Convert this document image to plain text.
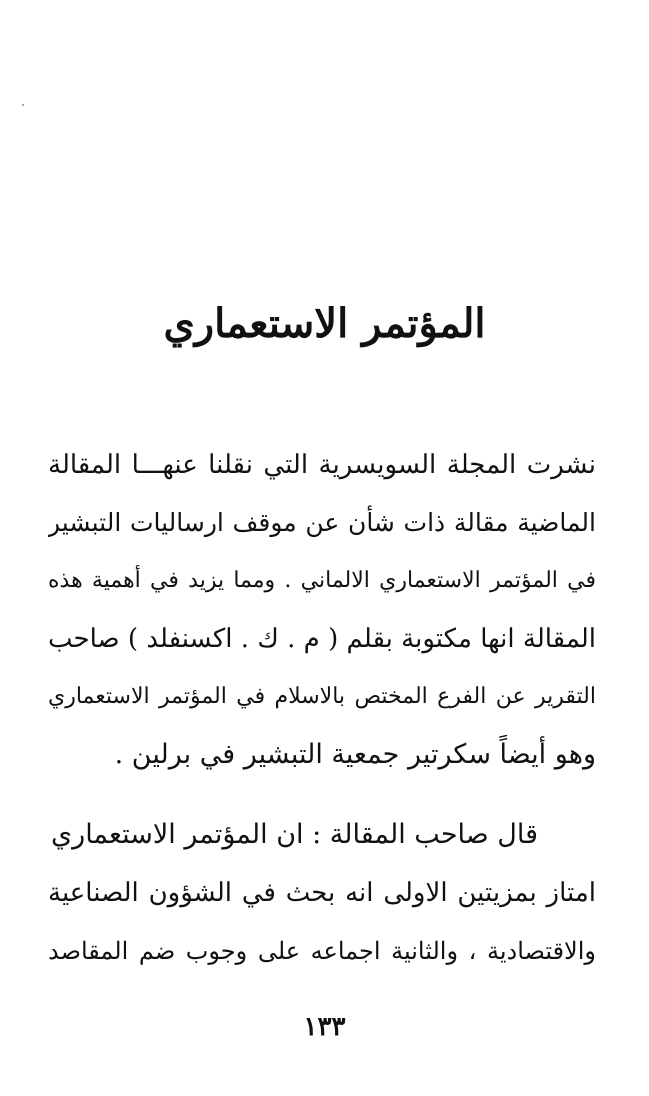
المؤتمر الاستعماري
نشرت المجلة السويسرية التي نقلنا عنهـــا المقالة
الماضية مقالة ذات شأن عن موقف ارساليات التبشير
في المؤتمر الاستعماري الالماني . ومما يزيد في أهمية هذه
المقالة انها مكتوبة بقلم ( م . ك . اكسنفلد ) صاحب
التقرير عن الفرع المختص بالاسلام في المؤتمر الاستعماري
وهو أيضاً سكرتير جمعية التبشير في برلين .
قال صاحب المقالة : ان المؤتمر الاستعماري
امتاز بمزيتين الاولى انه بحث في الشؤون الصناعية
والاقتصادية ، والثانية اجماعه على وجوب ضم المقاصد
١٣٣
